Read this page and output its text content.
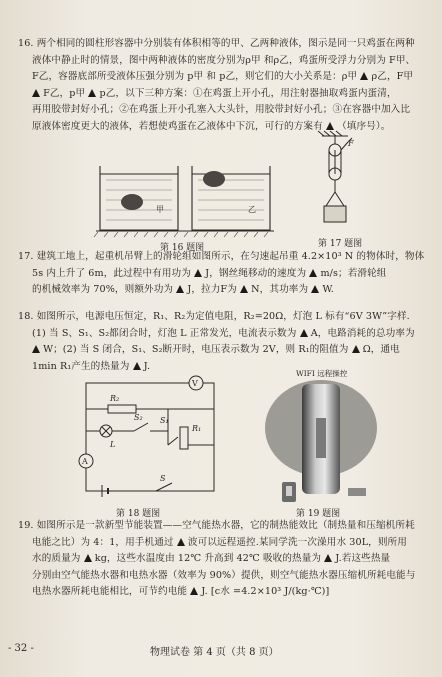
16. 两个相同的圆柱形容器中分别装有体积相等的甲、乙两种液体，图示是同一只鸡蛋在两种
液体中静止时的情景，图中两种液体的密度分别为ρ甲 和ρ乙，鸡蛋所受浮力分别为 F甲、
F乙，容器底部所受液体压强分别为 p甲 和 p乙，则它们的大小关系是：ρ甲  ρ乙，F甲
F乙，p甲  p乙，以下三种方案：①在鸡蛋上开小孔，用注射器抽取鸡蛋内蛋清，
再用胶带封好小孔；②在鸡蛋上开小孔塞入大头针，用胶带封好小孔；③在容器中加入比
原液体密度更大的液体，若想使鸡蛋在乙液体中下沉，可行的方案有  （填序号）。
甲	乙
第 16 题图
F
第 17 题图
17. 建筑工地上，起重机吊臂上的滑轮组如图所示，在匀速起吊重 4.2×10³ N 的物体时，物体
5s 内上升了 6m，此过程中有用功为  J，钢丝绳移动的速度为  m/s；若滑轮组
的机械效率为 70%，则额外功为  J，拉力F为  N，其功率为  W.
18. 如图所示，电源电压恒定，R₁、R₂为定值电阻，R₂=20Ω，灯泡 L 标有“6V 3W”字样.
(1) 当 S、S₁、S₂都闭合时，灯泡 L 正常发光，电流表示数为  A，电路消耗的总功率为
W；(2) 当 S 闭合，S₁、S₂断开时，电压表示数为 2V，则 R₁的阻值为  Ω，通电
1min R₁产生的热量为  J.
V
R₂
S₂ S₁
R₁
L
A
S
第 18 题图
WIFI 远程操控
第 19 题图
19. 如图所示是一款新型节能装置——空气能热水器，它的制热能效比（制热量和压缩机所耗
电能之比）为 4：1，用手机通过  波可以远程遥控.某同学洗一次澡用水 30L，则所用
水的质量为  kg，这些水温度由 12℃ 升高到 42℃ 吸收的热量为  J.若这些热量
分别由空气能热水器和电热水器（效率为 90%）提供，则空气能热水器压缩机所耗电能与
电热水器所耗电能相比，可节约电能  J. [c水 =4.2×10³ J/(kg·℃)]
- 32 -	物理试卷 第 4 页（共 8 页）
